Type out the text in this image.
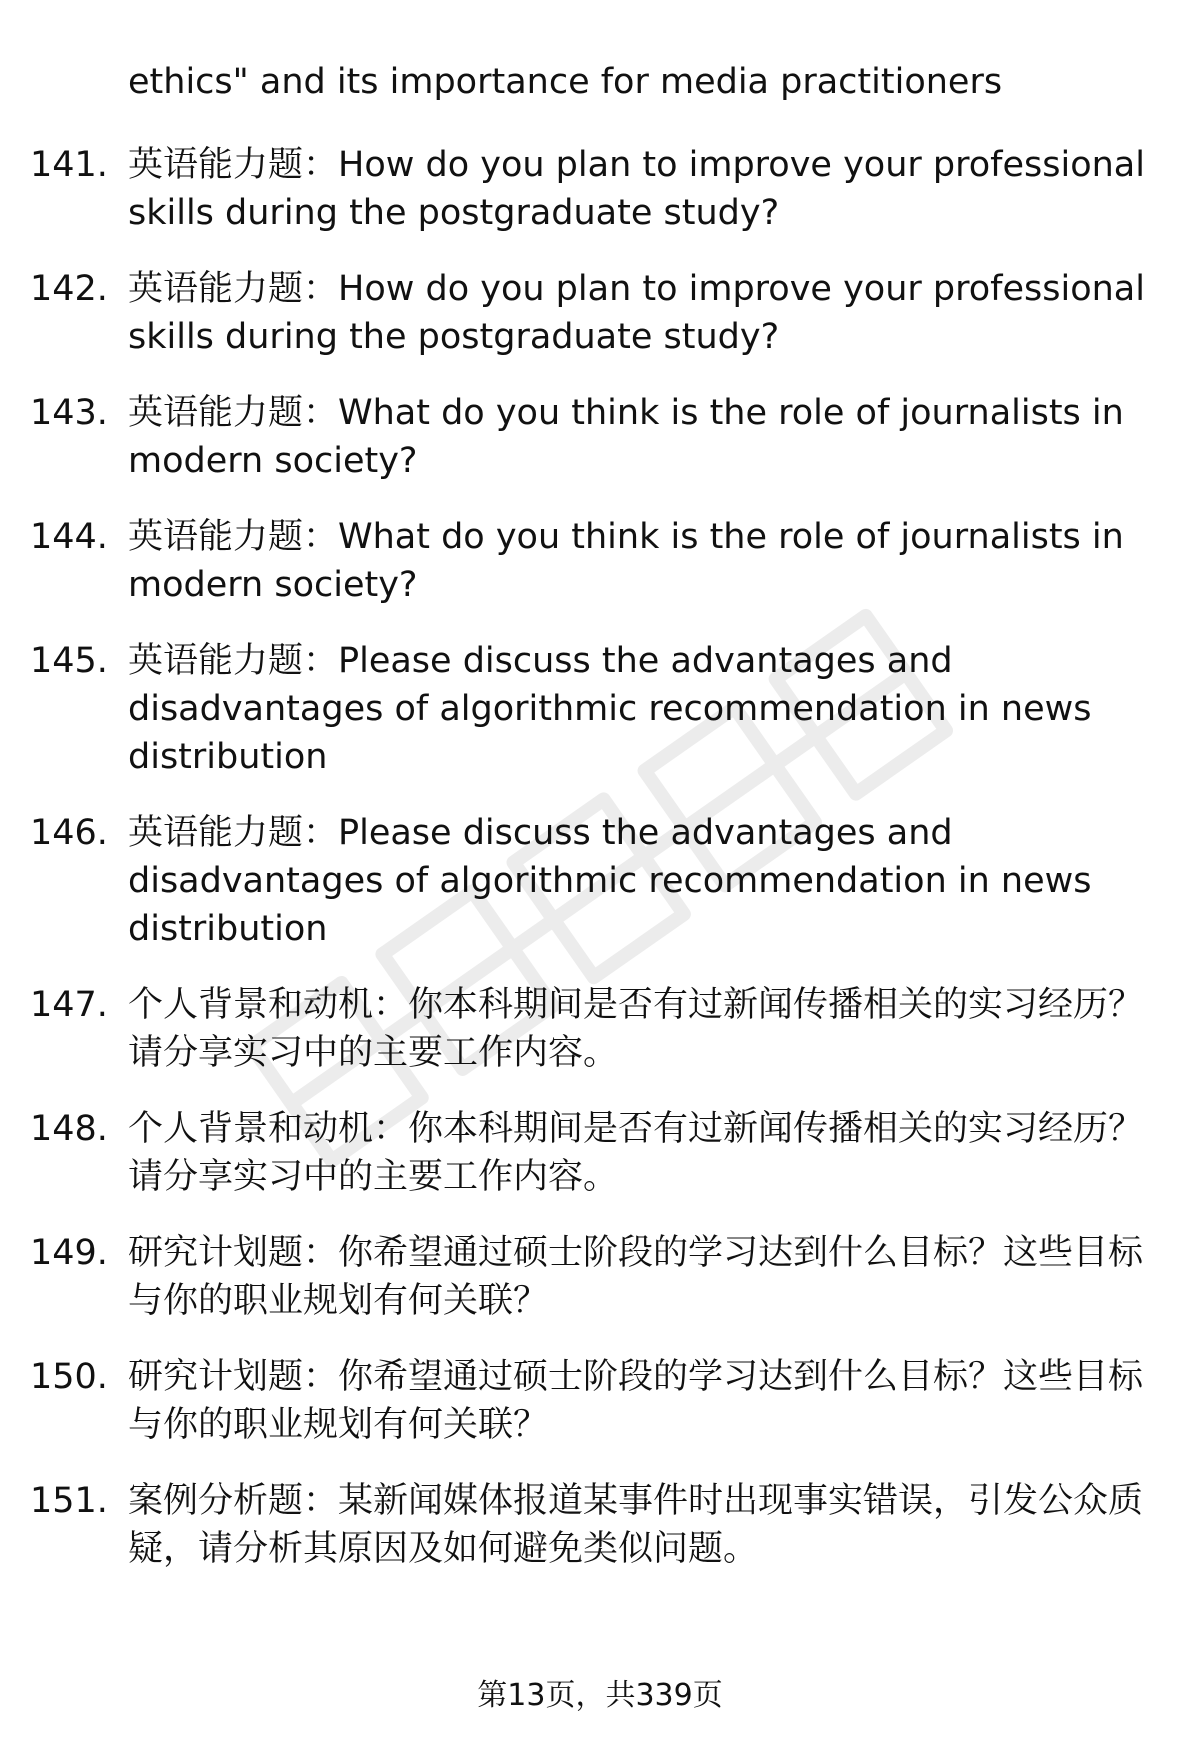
ethics" and its importance for media practitioners
141. 英语能力题：How do you plan to improve your professional skills during the postgraduate study?
142. 英语能力题：How do you plan to improve your professional skills during the postgraduate study?
143. 英语能力题：What do you think is the role of journalists in modern society?
144. 英语能力题：What do you think is the role of journalists in modern society?
145. 英语能力题：Please discuss the advantages and disadvantages of algorithmic recommendation in news distribution
146. 英语能力题：Please discuss the advantages and disadvantages of algorithmic recommendation in news distribution
147. 个人背景和动机：你本科期间是否有过新闻传播相关的实习经历？请分享实习中的主要工作内容。
148. 个人背景和动机：你本科期间是否有过新闻传播相关的实习经历？请分享实习中的主要工作内容。
149. 研究计划题：你希望通过硕士阶段的学习达到什么目标？这些目标与你的职业规划有何关联？
150. 研究计划题：你希望通过硕士阶段的学习达到什么目标？这些目标与你的职业规划有何关联？
151. 案例分析题：某新闻媒体报道某事件时出现事实错误，引发公众质疑，请分析其原因及如何避免类似问题。
第13页，共339页
